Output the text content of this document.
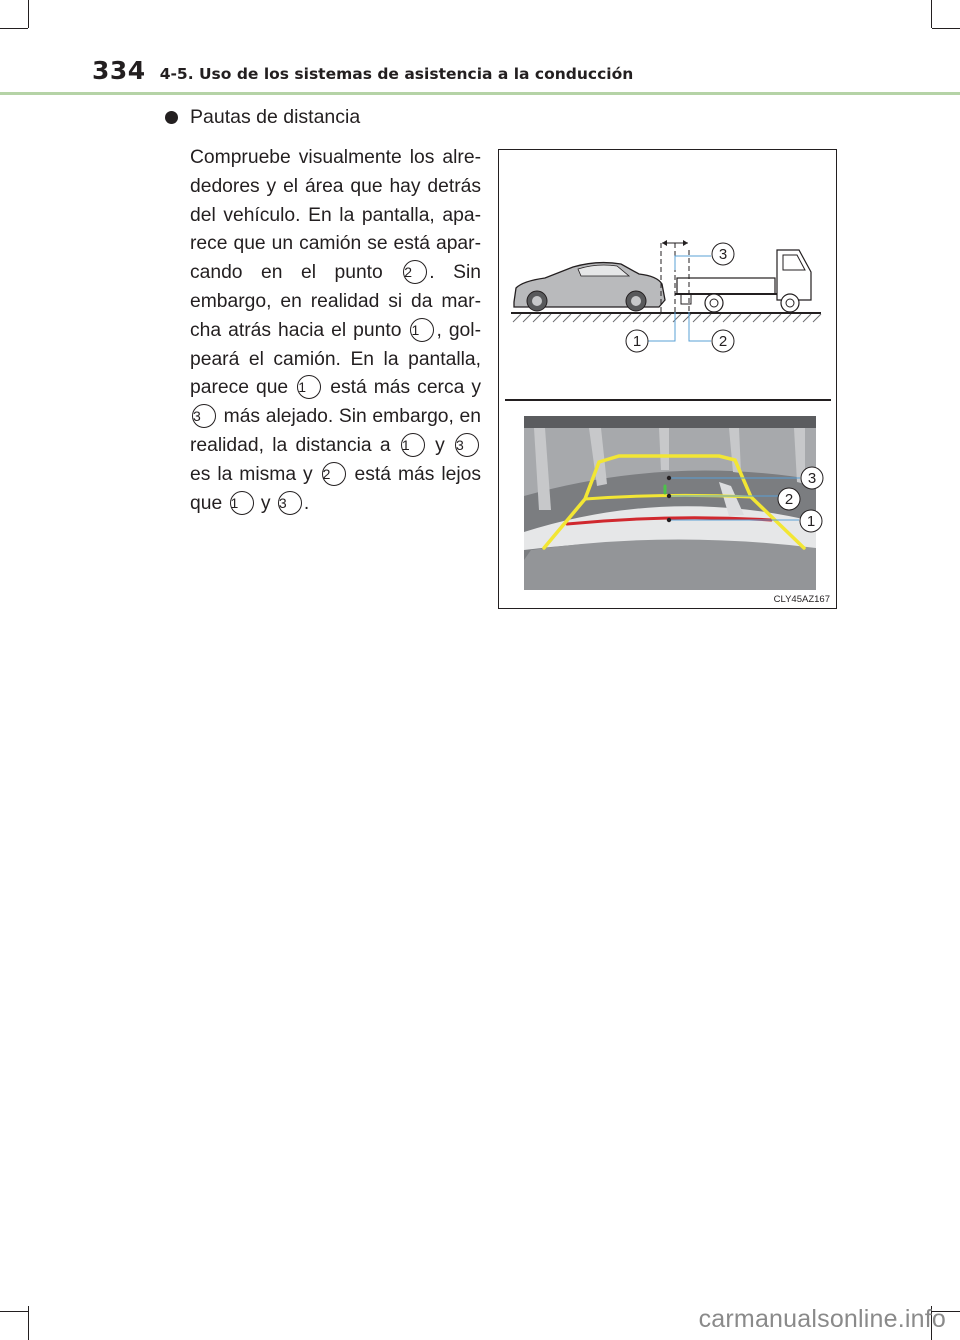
334 4-5. Uso de los sistemas de asistencia a la conducción
Pautas de distancia
Compruebe visualmente los alre-dedores y el área que hay detrás del vehículo. En la pantalla, apa-rece que un camión se está apar-cando en el punto 2 . Sin embargo, en realidad si da mar-cha atrás hacia el punto 1 , gol-peará el camión. En la pantalla, parece que 1 está más cerca y 3 más alejado. Sin embargo, en realidad, la distancia a 1 y 3 es la misma y 2 está más lejos que 1 y 3 .
3
1	2
3
2
1
CLY45AZ167
carmanualsonline.info
